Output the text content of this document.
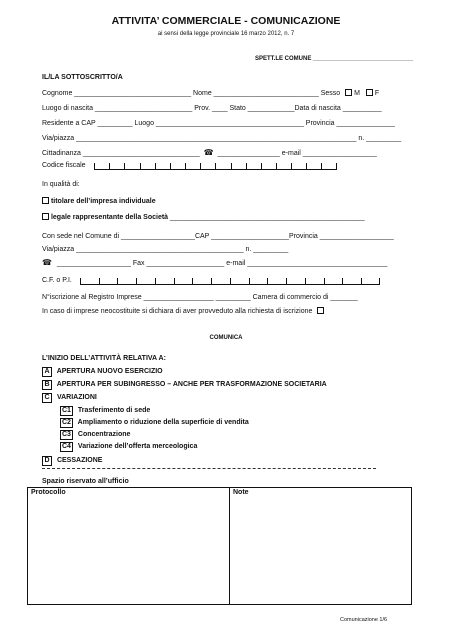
ATTIVITA’ COMMERCIALE - COMUNICAZIONE
ai sensi della legge provinciale 16 marzo 2012, n. 7
SPETT.LE COMUNE ______________________________
IL/LA SOTTOSCRITTO/A
Cognome ______________________________ Nome ___________________________ Sesso M F
Luogo di nascita _________________________ Prov. ____ Stato ____________Data di nascita __________
Residente a CAP _________ Luogo ______________________________________ Provincia _______________
Via/piazza ________________________________________________________________________ n. _________
Cittadinanza ______________________________ ☎ ________________ e-mail ___________________
Codice fiscale
In qualità di:
titolare dell’impresa individuale
legale rappresentante della Società __________________________________________________
Con sede nel Comune di ___________________CAP ____________________Provincia ___________________
Via/piazza ___________________________________________ n. _________
☎ ___________________ Fax ____________________ e-mail ____________________________________
C.F. o P.I.
N°iscrizione al Registro Imprese __________________ _________ Camera di commercio di _______
In caso di imprese neocostituite si dichiara di aver provveduto alla richiesta di iscrizione
COMUNICA
L’INIZIO DELL’ATTIVITÀ RELATIVA A:
A APERTURA NUOVO ESERCIZIO
B APERTURA PER SUBINGRESSO – ANCHE PER TRASFORMAZIONE SOCIETARIA
C VARIAZIONI
C1 Trasferimento di sede
C2 Ampliamento o riduzione della superficie di vendita
C3 Concentrazione
C4 Variazione dell’offerta merceologica
D CESSAZIONE
Spazio riservato all’ufficio
Protocollo	Note
Comunicazione 1/6
